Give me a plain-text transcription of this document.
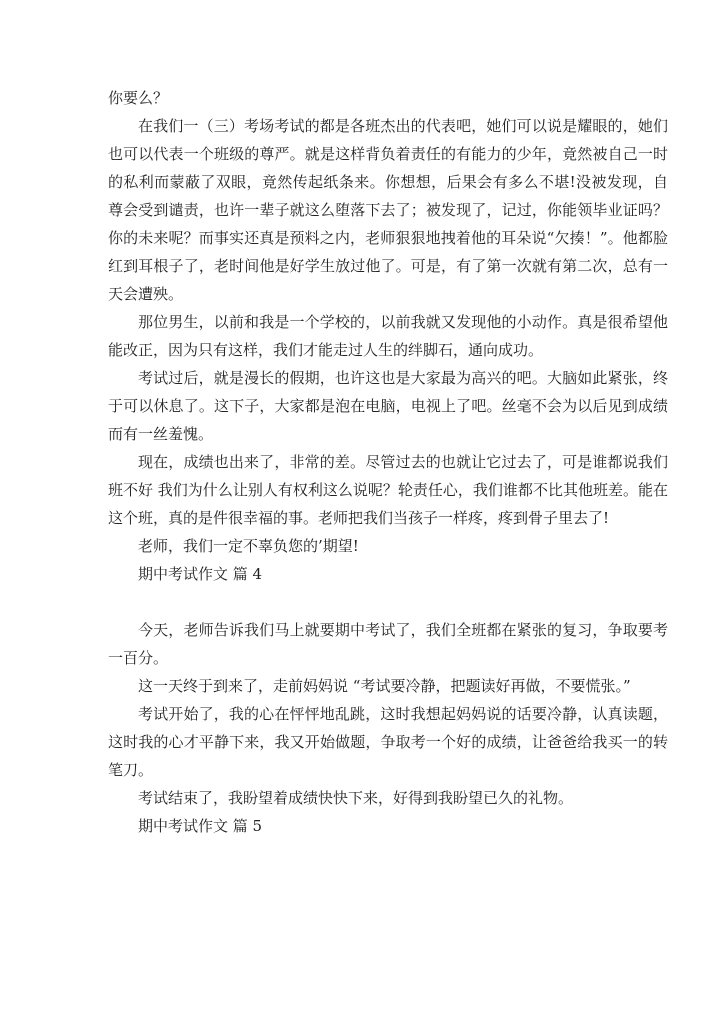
你要么？

在我们一（三）考场考试的都是各班杰出的代表吧，她们可以说是耀眼的，她们也可以代表一个班级的尊严。就是这样背负着责任的有能力的少年，竟然被自己一时的私利而蒙蔽了双眼，竟然传起纸条来。你想想，后果会有多么不堪!没被发现，自尊会受到谴责，也许一辈子就这么堕落下去了；被发现了，记过，你能领毕业证吗？你的未来呢？而事实还真是预料之内，老师狠狠地拽着他的耳朵说“欠揍！”。他都脸红到耳根子了，老时间他是好学生放过他了。可是，有了第一次就有第二次，总有一天会遭殃。

那位男生，以前和我是一个学校的，以前我就又发现他的小动作。真是很希望他能改正，因为只有这样，我们才能走过人生的绊脚石，通向成功。

考试过后，就是漫长的假期，也许这也是大家最为高兴的吧。大脑如此紧张，终于可以休息了。这下子，大家都是泡在电脑，电视上了吧。丝毫不会为以后见到成绩而有一丝羞愧。

现在，成绩也出来了，非常的差。尽管过去的也就让它过去了，可是谁都说我们班不好 我们为什么让别人有权利这么说呢？轮责任心，我们谁都不比其他班差。能在这个班，真的是件很幸福的事。老师把我们当孩子一样疼，疼到骨子里去了!

老师，我们一定不辜负您的’期望!

期中考试作文 篇 4

今天，老师告诉我们马上就要期中考试了，我们全班都在紧张的复习，争取要考一百分。

这一天终于到来了，走前妈妈说 “考试要冷静，把题读好再做，不要慌张。”

考试开始了，我的心在怦怦地乱跳，这时我想起妈妈说的话要冷静，认真读题，这时我的心才平静下来，我又开始做题，争取考一个好的成绩，让爸爸给我买一的转笔刀。

考试结束了，我盼望着成绩快快下来，好得到我盼望已久的礼物。

期中考试作文 篇 5
